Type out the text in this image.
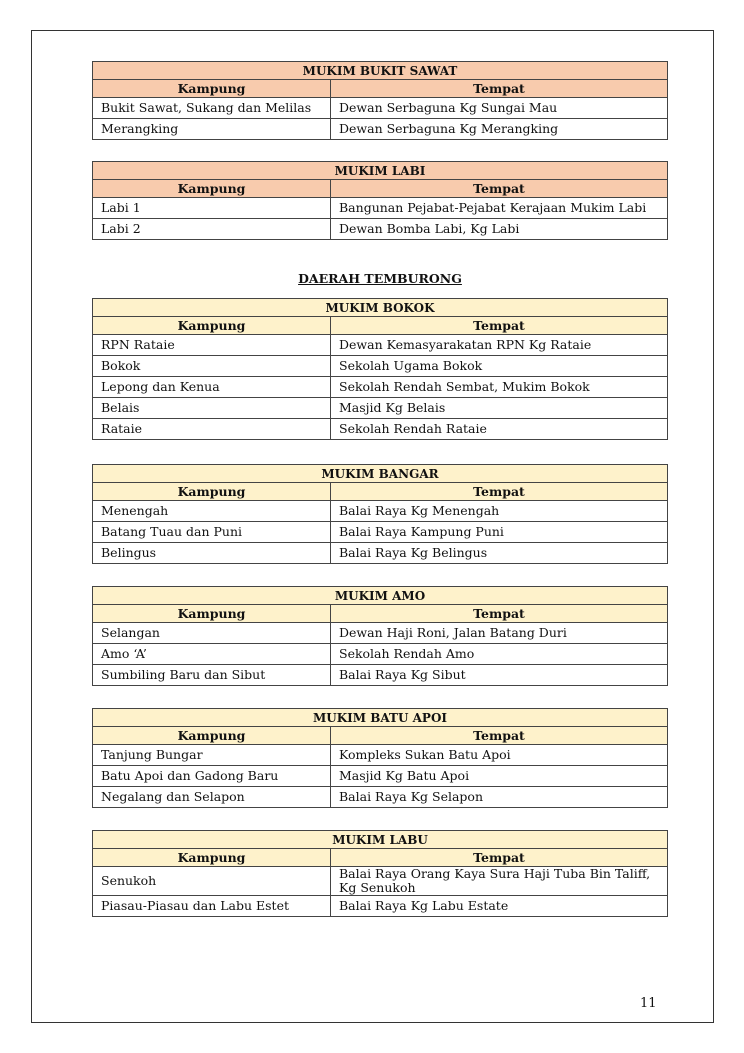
MUKIM BUKIT SAWAT	
Kampung	Tempat
Bukit Sawat, Sukang dan Melilas	Dewan Serbaguna Kg Sungai Mau
Merangking	Dewan Serbaguna Kg Merangking
MUKIM LABI	
Kampung	Tempat
Labi 1	Bangunan Pejabat-Pejabat Kerajaan Mukim Labi
Labi 2	Dewan Bomba Labi, Kg Labi
DAERAH TEMBURONG
MUKIM BOKOK	
Kampung	Tempat
RPN Rataie	Dewan Kemasyarakatan RPN Kg Rataie
Bokok	Sekolah Ugama Bokok
Lepong dan Kenua	Sekolah Rendah Sembat, Mukim Bokok
Belais	Masjid Kg Belais
Rataie	Sekolah Rendah Rataie
MUKIM BANGAR	
Kampung	Tempat
Menengah	Balai Raya Kg Menengah
Batang Tuau dan Puni	Balai Raya Kampung Puni
Belingus	Balai Raya Kg Belingus
MUKIM AMO	
Kampung	Tempat
Selangan	Dewan Haji Roni, Jalan Batang Duri
Amo ‘A’	Sekolah Rendah Amo
Sumbiling Baru dan Sibut	Balai Raya Kg Sibut
MUKIM BATU APOI	
Kampung	Tempat
Tanjung Bungar	Kompleks Sukan Batu Apoi
Batu Apoi dan Gadong Baru	Masjid Kg Batu Apoi
Negalang dan Selapon	Balai Raya Kg Selapon
MUKIM LABU	
Kampung	Tempat
Senukoh	Balai Raya Orang Kaya Sura Haji Tuba Bin Taliff, Kg Senukoh
Piasau-Piasau dan Labu Estet	Balai Raya Kg Labu Estate
11
